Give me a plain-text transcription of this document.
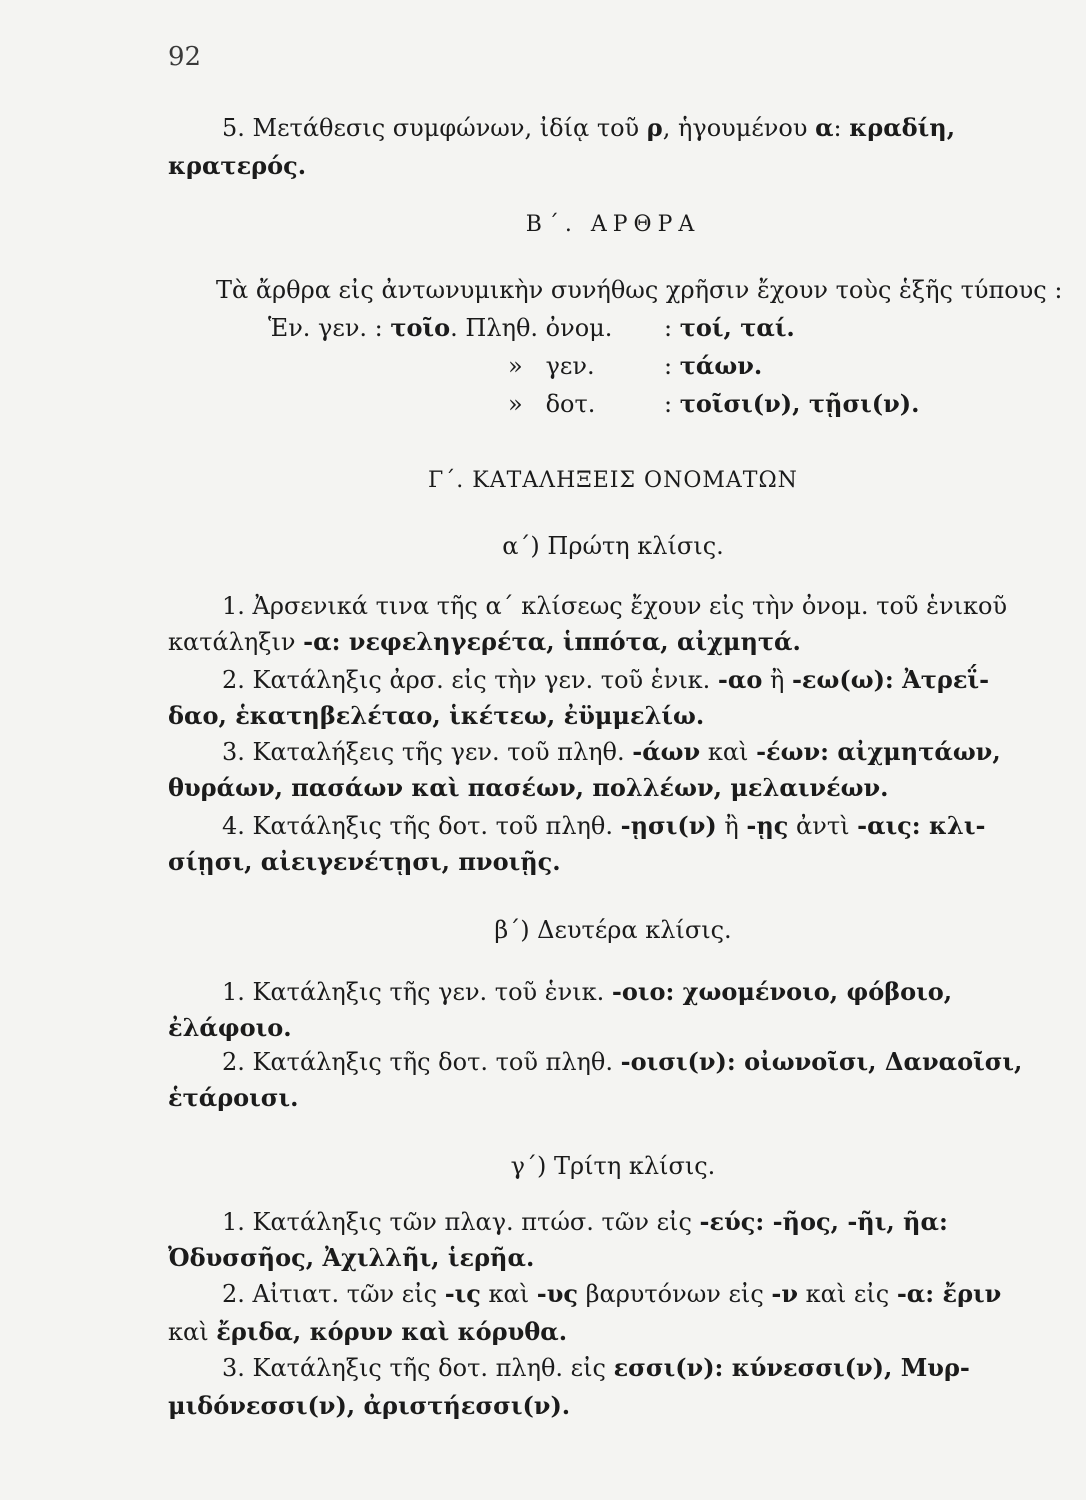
92
5. Μετάθεσις συμφώνων, ἰδίᾳ τοῦ ρ, ἡγουμένου α: κραδίη,
κρατερός.
Β΄. ΑΡΘΡΑ
Τὰ ἄρθρα εἰς ἀντωνυμικὴν συνήθως χρῆσιν ἔχουν τοὺς ἑξῆς τύπους :
Ἑν. γεν. : τοῖο. Πληθ. ὀνομ. : τοί, ταί.
»   γεν.	: τάων.
»   δοτ.	: τοῖσι(ν), τῇσι(ν).
Γ΄. ΚΑΤΑΛΗΞΕΙΣ ΟΝΟΜΑΤΩΝ
α΄) Πρώτη κλίσις.
1. Ἀρσενικά τινα τῆς α΄ κλίσεως ἔχουν εἰς τὴν ὀνομ. τοῦ ἑνικοῦ
κατάληξιν -α: νεφεληγερέτα, ἱππότα, αἰχμητά.
2. Κατάληξις ἀρσ. εἰς τὴν γεν. τοῦ ἑνικ. -αο ἢ -εω(ω): Ἀτρεΐ-
δαο, ἑκατηβελέταο, ἱκέτεω, ἐϋμμελίω.
3. Καταλήξεις τῆς γεν. τοῦ πληθ. -άων καὶ -έων: αἰχμητάων,
θυράων, πασάων καὶ πασέων, πολλέων, μελαινέων.
4. Κατάληξις τῆς δοτ. τοῦ πληθ. -ῃσι(ν) ἢ -ῃς ἀντὶ -αις: κλι-
σίῃσι, αἰειγενέτῃσι, πνοιῇς.
β΄) Δευτέρα κλίσις.
1. Κατάληξις τῆς γεν. τοῦ ἑνικ. -οιο: χωομένοιο, φόβοιο,
ἐλάφοιο.
2. Κατάληξις τῆς δοτ. τοῦ πληθ. -οισι(ν): οἰωνοῖσι, Δαναοῖσι,
ἑτάροισι.
γ΄) Τρίτη κλίσις.
1. Κατάληξις τῶν πλαγ. πτώσ. τῶν εἰς -εύς: -ῆος, -ῆι, ῆα:
Ὀδυσσῆος, Ἀχιλλῆι, ἱερῆα.
2. Αἰτιατ. τῶν εἰς -ις καὶ -υς βαρυτόνων εἰς -ν καὶ εἰς -α: ἔριν
καὶ ἔριδα, κόρυν καὶ κόρυθα.
3. Κατάληξις τῆς δοτ. πληθ. εἰς εσσι(ν): κύνεσσι(ν), Μυρ-
μιδόνεσσι(ν), ἀριστήεσσι(ν).
